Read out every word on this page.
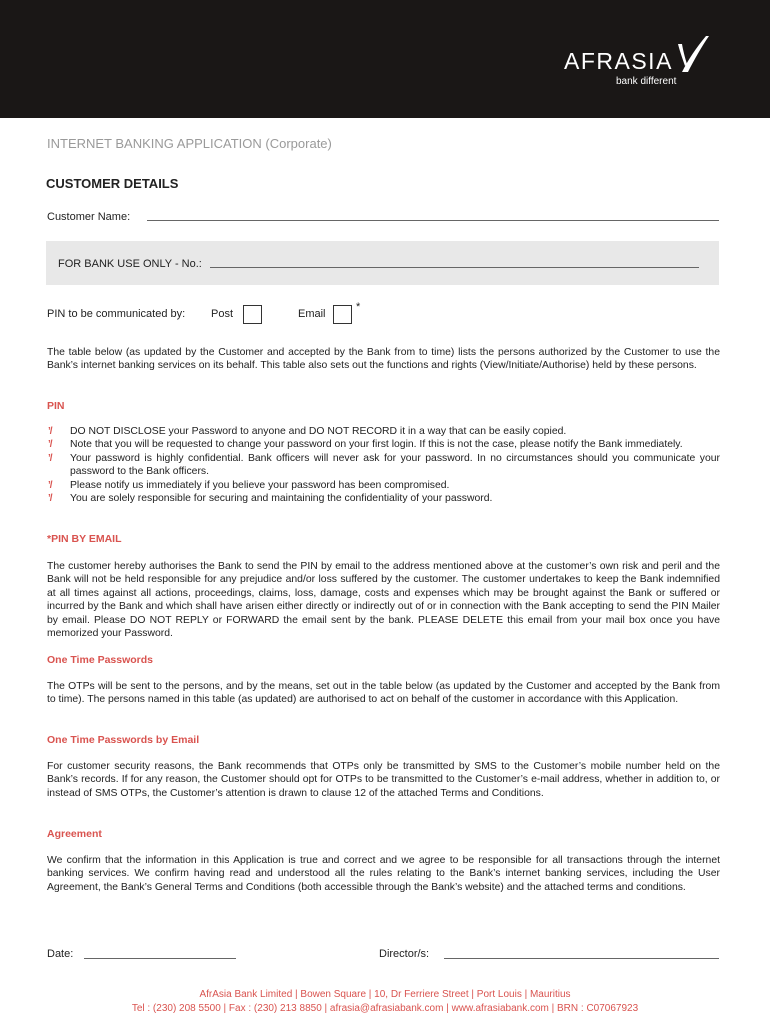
AFRASIA
bank different
INTERNET BANKING APPLICATION (Corporate)
CUSTOMER DETAILS
Customer Name:
FOR BANK USE ONLY - No.:
PIN to be communicated by: Post	Email
*
The table below (as updated by the Customer and accepted by the Bank from to time) lists the persons authorized by the Customer to use the Bank’s internet banking services on its behalf. This table also sets out the functions and rights (View/Initiate/Authorise) held by these persons.
PIN
’/ DO NOT DISCLOSE your Password to anyone and DO NOT RECORD it in a way that can be easily copied.
’/ Note that you will be requested to change your password on your first login. If this is not the case, please notify the Bank immediately.
’/ Your password is highly confidential. Bank officers will never ask for your password. In no circumstances should you communicate your password to the Bank officers.
’/ Please notify us immediately if you believe your password has been compromised.
’/ You are solely responsible for securing and maintaining the confidentiality of your password.
*PIN BY EMAIL
The customer hereby authorises the Bank to send the PIN by email to the address mentioned above at the customer’s own risk and peril and the Bank will not be held responsible for any prejudice and/or loss suffered by the customer. The customer undertakes to keep the Bank indemnified at all times against all actions, proceedings, claims, loss, damage, costs and expenses which may be brought against the Bank or suffered or incurred by the Bank and which shall have arisen either directly or indirectly out of or in connection with the Bank accepting to send the PIN Mailer by email. Please DO NOT REPLY or FORWARD the email sent by the bank. PLEASE DELETE this email from your mail box once you have memorized your Password.
One Time Passwords
The OTPs will be sent to the persons, and by the means, set out in the table below (as updated by the Customer and accepted by the Bank from to time). The persons named in this table (as updated) are authorised to act on behalf of the customer in accordance with this Application.
One Time Passwords by Email
For customer security reasons, the Bank recommends that OTPs only be transmitted by SMS to the Customer’s mobile number held on the Bank’s records. If for any reason, the Customer should opt for OTPs to be transmitted to the Customer’s e-mail address, whether in addition to, or instead of SMS OTPs, the Customer’s attention is drawn to clause 12 of the attached Terms and Conditions.
Agreement
We confirm that the information in this Application is true and correct and we agree to be responsible for all transactions through the internet banking services. We confirm having read and understood all the rules relating to the Bank’s internet banking services, including the User Agreement, the Bank’s General Terms and Conditions (both accessible through the Bank’s website) and the attached terms and conditions.
Date:	Director/s:
AfrAsia Bank Limited | Bowen Square | 10, Dr Ferriere Street | Port Louis | Mauritius
Tel : (230) 208 5500 | Fax : (230) 213 8850 | afrasia@afrasiabank.com | www.afrasiabank.com | BRN : C07067923
